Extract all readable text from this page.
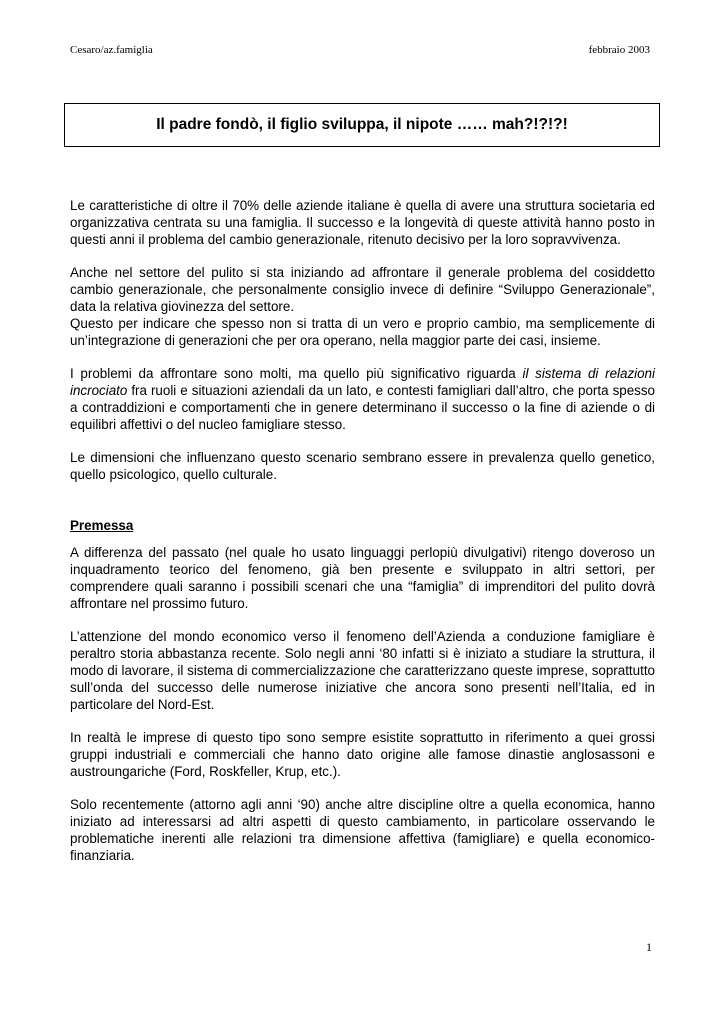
Cesaro/az.famiglia	febbraio 2003
Il padre fondò, il figlio sviluppa, il nipote …… mah?!?!?!

Le caratteristiche di oltre il 70% delle aziende italiane è quella di avere una struttura societaria ed organizzativa centrata su una famiglia. Il successo e la longevità di queste attività hanno posto in questi anni il problema del cambio generazionale, ritenuto decisivo per la loro sopravvivenza.

Anche nel settore del pulito si sta iniziando ad affrontare il generale problema del cosiddetto cambio generazionale, che personalmente consiglio invece di definire “Sviluppo Generazionale”, data la relativa giovinezza del settore.

Questo per indicare che spesso non si tratta di un vero e proprio cambio, ma semplicemente di un’integrazione di generazioni che per ora operano, nella maggior parte dei casi, insieme.

I problemi da affrontare sono molti, ma quello più significativo riguarda il sistema di relazioni incrociato fra ruoli e situazioni aziendali da un lato, e contesti famigliari dall’altro, che porta spesso a contraddizioni e comportamenti che in genere determinano il successo o la fine di aziende o di equilibri affettivi o del nucleo famigliare stesso.

Le dimensioni che influenzano questo scenario sembrano essere in prevalenza quello genetico, quello psicologico, quello culturale.

Premessa

A differenza del passato (nel quale ho usato linguaggi perlopiù divulgativi) ritengo doveroso un inquadramento teorico del fenomeno, già ben presente e sviluppato in altri settori, per comprendere quali saranno i possibili scenari che una “famiglia” di imprenditori del pulito dovrà affrontare nel prossimo futuro.

L’attenzione del mondo economico verso il fenomeno dell’Azienda a conduzione famigliare è peraltro storia abbastanza recente. Solo negli anni ‘80 infatti si è iniziato a studiare la struttura, il modo di lavorare, il sistema di commercializzazione che caratterizzano queste imprese, soprattutto sull’onda del successo delle numerose iniziative che ancora sono presenti nell’Italia, ed in particolare del Nord-Est.

In realtà le imprese di questo tipo sono sempre esistite soprattutto in riferimento a quei grossi gruppi industriali e commerciali che hanno dato origine alle famose dinastie anglosassoni e austroungariche (Ford, Roskfeller, Krup, etc.).

Solo recentemente (attorno agli anni ‘90) anche altre discipline oltre a quella economica, hanno iniziato ad interessarsi ad altri aspetti di questo cambiamento, in particolare osservando le problematiche inerenti alle relazioni tra dimensione affettiva (famigliare) e quella economico-finanziaria.

1
